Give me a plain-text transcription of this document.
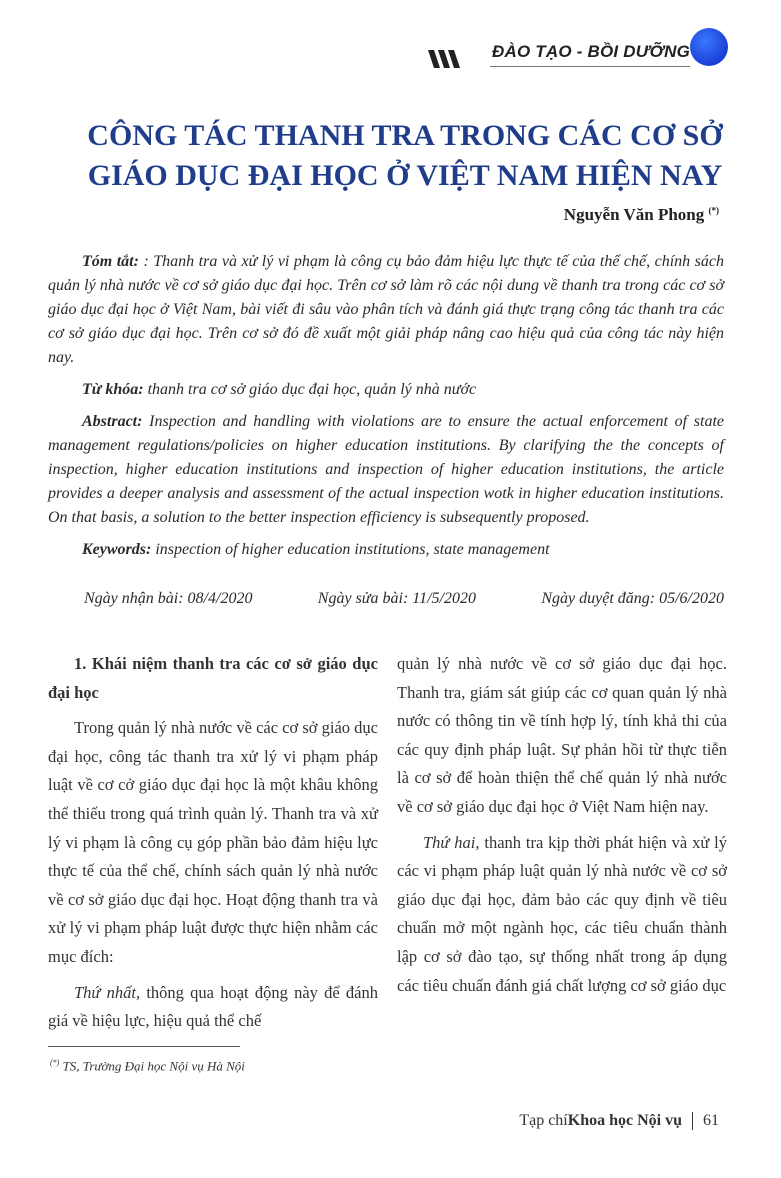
ĐÀO TẠO - BỒI DƯỠNG
CÔNG TÁC THANH TRA TRONG CÁC CƠ SỞ
GIÁO DỤC ĐẠI HỌC Ở VIỆT NAM HIỆN NAY
Nguyễn Văn Phong (*)

Tóm tắt: : Thanh tra và xử lý vi phạm là công cụ bảo đảm hiệu lực thực tế của thể chế, chính sách quản lý nhà nước về cơ sở giáo dục đại học. Trên cơ sở làm rõ các nội dung về thanh tra trong các cơ sở giáo dục đại học ở Việt Nam, bài viết đi sâu vào phân tích và đánh giá thực trạng công tác thanh tra các cơ sở giáo dục đại học. Trên cơ sở đó đề xuất một giải pháp nâng cao hiệu quả của công tác này hiện nay.

Từ khóa: thanh tra cơ sở giáo dục đại học, quản lý nhà nước

Abstract: Inspection and handling with violations are to ensure the actual enforcement of state management regulations/policies on higher education institutions. By clarifying the the concepts of inspection, higher education institutions and inspection of higher education institutions, the article provides a deeper analysis and assessment of the actual inspection wotk in higher education institutions. On that basis, a solution to the better inspection efficiency is subsequently proposed.

Keywords: inspection of higher education institutions, state management

Ngày nhận bài: 08/4/2020	Ngày sửa bài: 11/5/2020	Ngày duyệt đăng: 05/6/2020
1. Khái niệm thanh tra các cơ sở giáo dục đại học

Trong quản lý nhà nước về các cơ sở giáo dục đại học, công tác thanh tra xử lý vi phạm pháp luật về cơ cở giáo dục đại học là một khâu không thể thiếu trong quá trình quản lý. Thanh tra và xử lý vi phạm là công cụ góp phần bảo đảm hiệu lực thực tế của thể chế, chính sách quản lý nhà nước về cơ sở giáo dục đại học. Hoạt động thanh tra và xử lý vi phạm pháp luật được thực hiện nhằm các mục đích:

Thứ nhất, thông qua hoạt động này để đánh giá về hiệu lực, hiệu quả thể chế

quản lý nhà nước về cơ sở giáo dục đại học. Thanh tra, giám sát giúp các cơ quan quản lý nhà nước có thông tin về tính hợp lý, tính khả thi của các quy định pháp luật. Sự phản hồi từ thực tiễn là cơ sở để hoàn thiện thể chế quản lý nhà nước về cơ sở giáo dục đại học ở Việt Nam hiện nay.

Thứ hai, thanh tra kịp thời phát hiện và xử lý các vi phạm pháp luật quản lý nhà nước về cơ sở giáo dục đại học, đảm bảo các quy định về tiêu chuẩn mở một ngành học, các tiêu chuẩn thành lập cơ sở đào tạo, sự thống nhất trong áp dụng các tiêu chuẩn đánh giá chất lượng cơ sở giáo dục

(*) TS, Trường Đại học Nội vụ Hà Nội
Tạp chí Khoa học Nội vụ 61
